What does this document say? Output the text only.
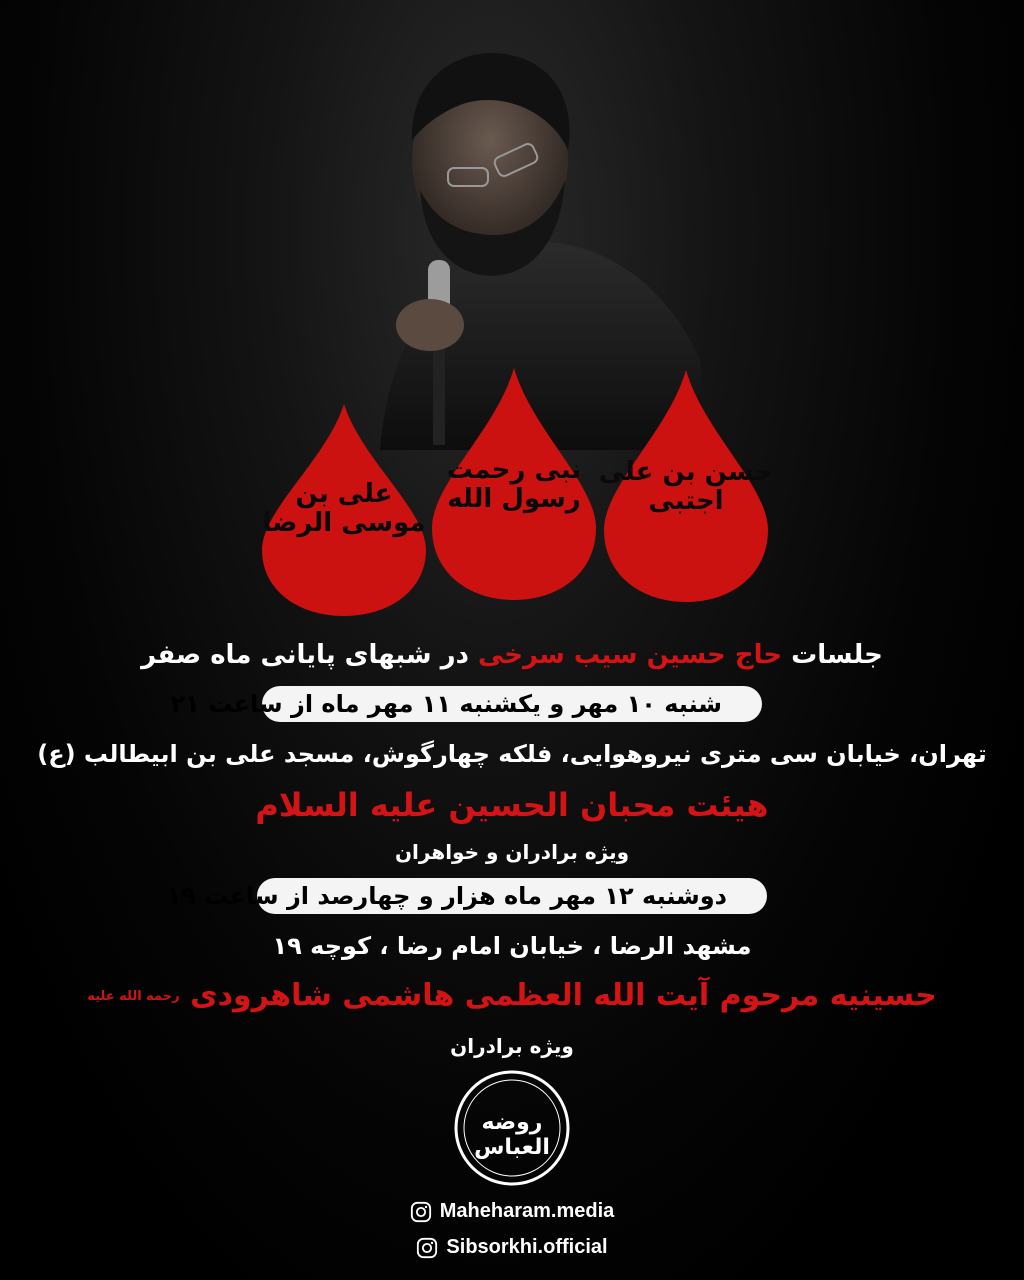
علی بن موسی الرضا
نبی رحمت رسول الله
حسن بن علی اجتبی
جلسات حاج حسین سیب سرخی در شبهای پایانی ماه صفر
شنبه ۱۰ مهر و یکشنبه ۱۱ مهر ماه از ساعت ۲۱
تهران، خیابان سی متری نیروهوایی، فلکه چهارگوش، مسجد علی بن ابیطالب (ع)
هیئت محبان الحسین علیه السلام
ویژه برادران و خواهران
دوشنبه ۱۲ مهر ماه هزار و چهارصد از ساعت ۱۹
مشهد الرضا ، خیابان امام رضا ، کوچه ۱۹
حسینیه مرحوم آیت الله العظمی هاشمی شاهرودی رحمه الله علیه
ویژه برادران
روضه العباس
Maheharam.media
Sibsorkhi.official
